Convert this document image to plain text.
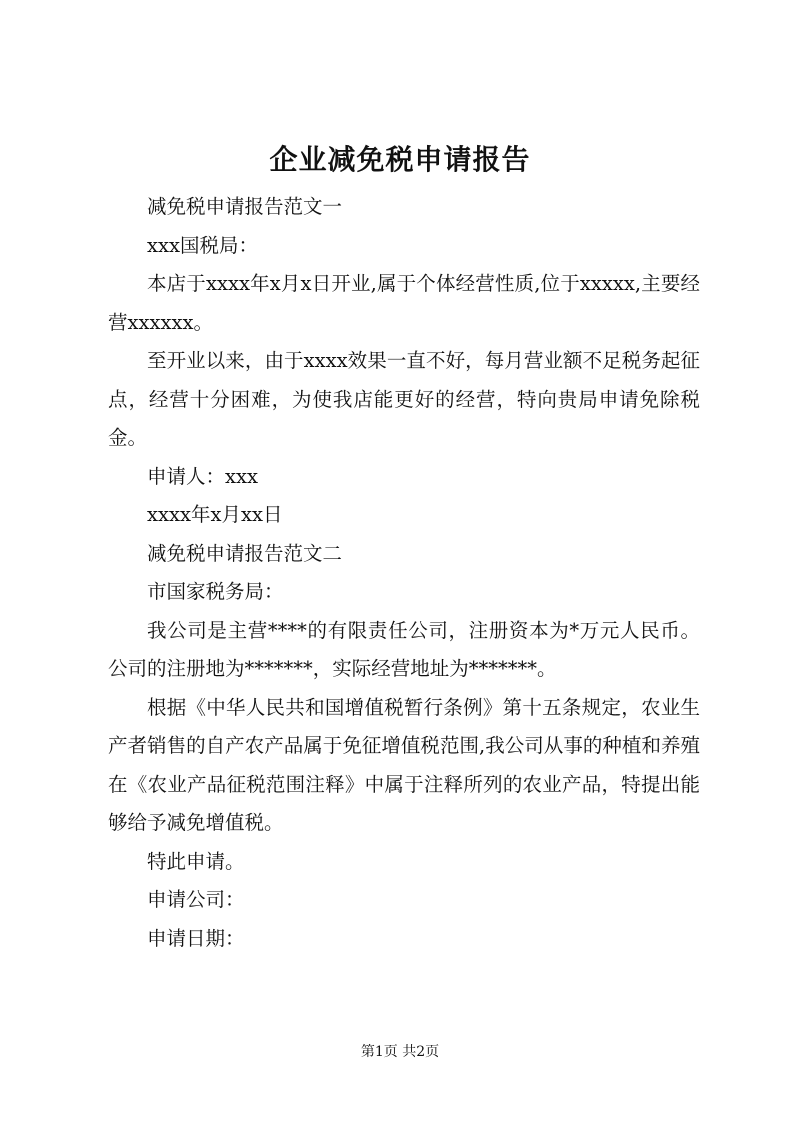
企业减免税申请报告

减免税申请报告范文一

xxx国税局：

本店于xxxx年x月x日开业,属于个体经营性质,位于xxxxx,主要经营xxxxxx。

至开业以来，由于xxxx效果一直不好，每月营业额不足税务起征点，经营十分困难，为使我店能更好的经营，特向贵局申请免除税金。

申请人：xxx

xxxx年x月xx日

减免税申请报告范文二

市国家税务局：

我公司是主营****的有限责任公司，注册资本为*万元人民币。公司的注册地为*******，实际经营地址为*******。

根据《中华人民共和国增值税暂行条例》第十五条规定，农业生产者销售的自产农产品属于免征增值税范围,我公司从事的种植和养殖在《农业产品征税范围注释》中属于注释所列的农业产品，特提出能够给予减免增值税。

特此申请。

申请公司：

申请日期：

第1页 共2页
